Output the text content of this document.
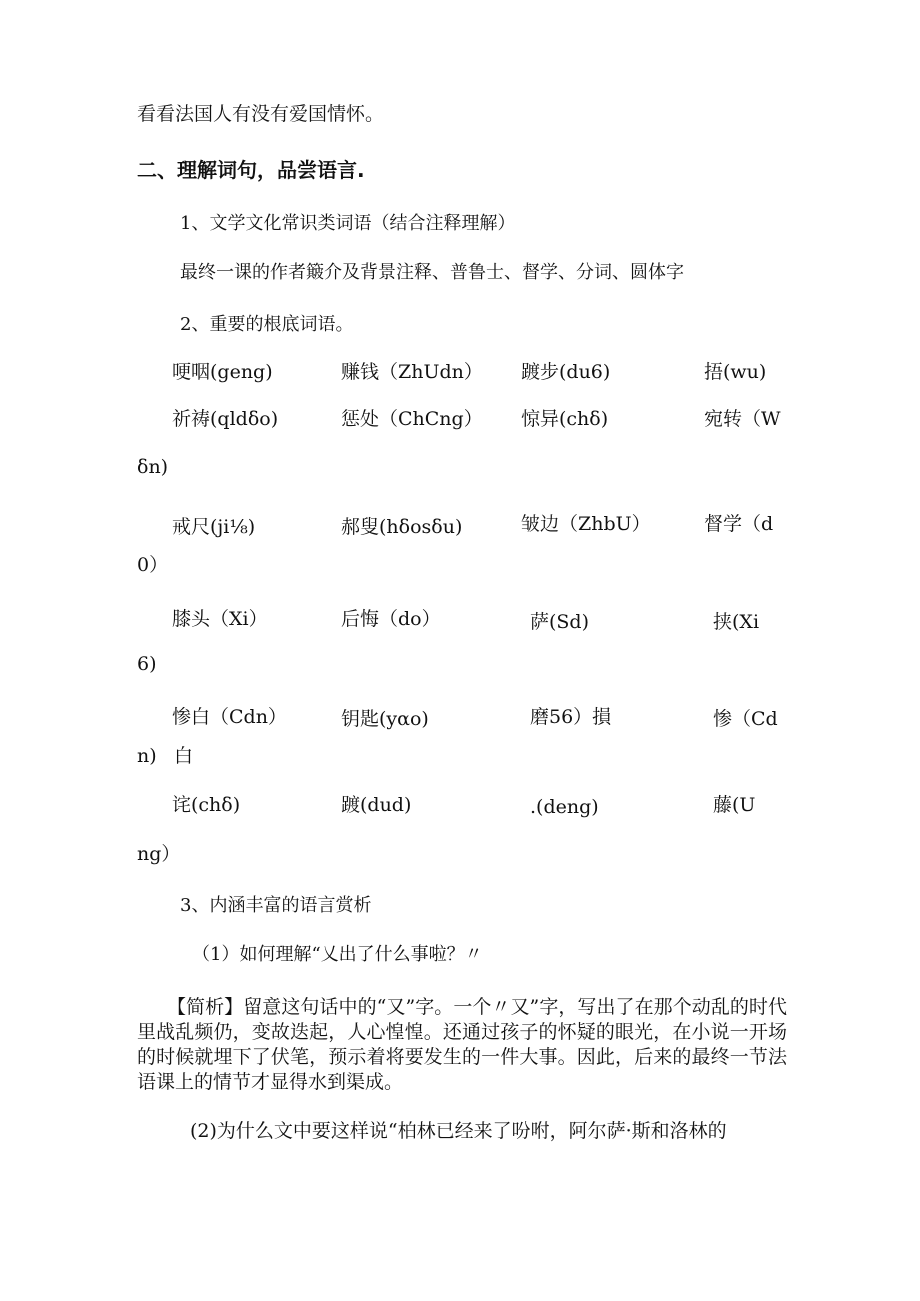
看看法国人有没有爱国情怀。
二、理解词句，品尝语言.
1、文学文化常识类词语（结合注释理解）
最终一课的作者簸介及背景注释、普鲁士、督学、分词、圆体字
2、重要的根底词语。
哽咽(geng)	赚钱（ZhUdn） 踱步(du6)	捂(wu)
祈祷(qldδo)	惩处（ChCng） 惊异(chδ)	宛转（W
δn)
戒尺(ji⅛)	郝叟(hδosδu)	皱边（ZhbU）	督学（d
0）
膝头（Xi）	后悔（do）	萨(Sd)	挟(Xi
6)
惨白（Cdn）	钥匙(yαo)	磨56）損	惨（Cd
n) 白
诧(chδ)	踱(dud)	.(deng)	藤(U
ng）
3、内涵丰富的语言赏析
（1）如何理解“乂出了什么事啦？〃
【简析】留意这句话中的“又”字。一个〃又”字，写出了在那个动乱的时代里战乱频仍，变故迭起，人心惶惶。还通过孩子的怀疑的眼光，在小说一开场的时候就埋下了伏笔，预示着将要发生的一件大事。因此，后来的最终一节法语课上的情节才显得水到渠成。
(2)为什么文中要这样说“柏林已经来了吩咐，阿尔萨·斯和洛林的
